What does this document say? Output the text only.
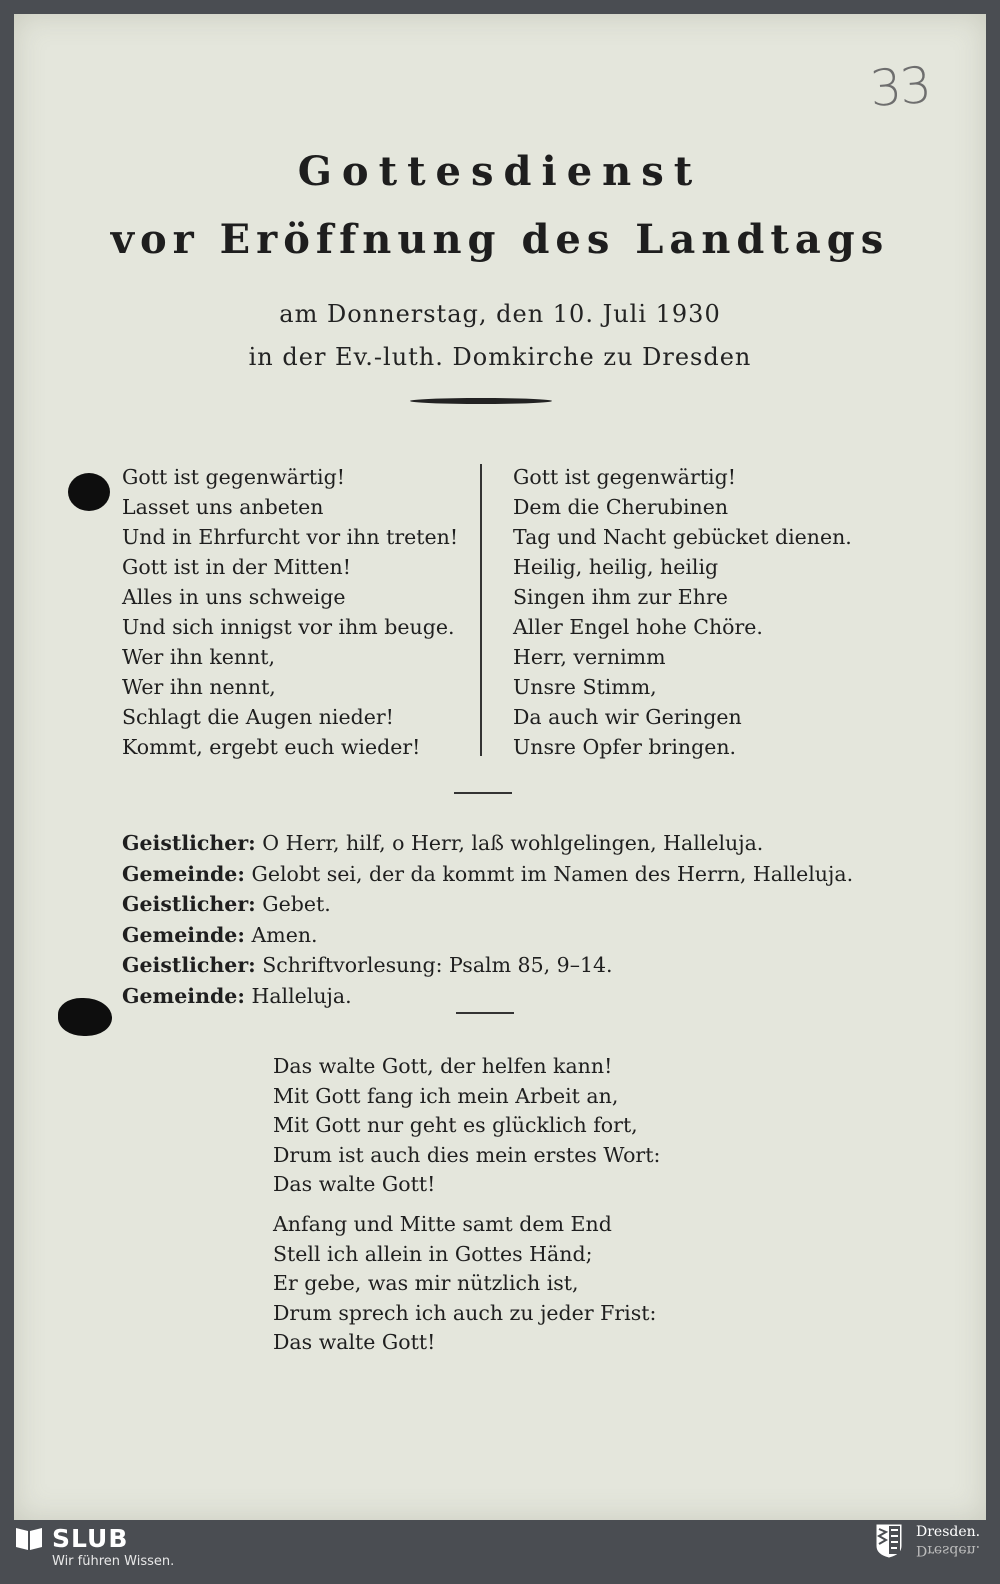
33
Gottesdienst
vor Eröffnung des Landtags
am Donnerstag, den 10. Juli 1930
in der Ev.-luth. Domkirche zu Dresden
Gott ist gegenwärtig!
Lasset uns anbeten
Und in Ehrfurcht vor ihn treten!
Gott ist in der Mitten!
Alles in uns schweige
Und sich innigst vor ihm beuge.
Wer ihn kennt,
Wer ihn nennt,
Schlagt die Augen nieder!
Kommt, ergebt euch wieder!
Gott ist gegenwärtig!
Dem die Cherubinen
Tag und Nacht gebücket dienen.
Heilig, heilig, heilig
Singen ihm zur Ehre
Aller Engel hohe Chöre.
Herr, vernimm
Unsre Stimm,
Da auch wir Geringen
Unsre Opfer bringen.
Geistlicher: O Herr, hilf, o Herr, laß wohlgelingen, Halleluja.
Gemeinde: Gelobt sei, der da kommt im Namen des Herrn, Halleluja.
Geistlicher: Gebet.
Gemeinde: Amen.
Geistlicher: Schriftvorlesung: Psalm 85, 9–14.
Gemeinde: Halleluja.
Das walte Gott, der helfen kann!
Mit Gott fang ich mein Arbeit an,
Mit Gott nur geht es glücklich fort,
Drum ist auch dies mein erstes Wort:
Das walte Gott!
Anfang und Mitte samt dem End
Stell ich allein in Gottes Händ;
Er gebe, was mir nützlich ist,
Drum sprech ich auch zu jeder Frist:
Das walte Gott!
SLUB
Wir führen Wissen.
Dresden.
Dresden.
